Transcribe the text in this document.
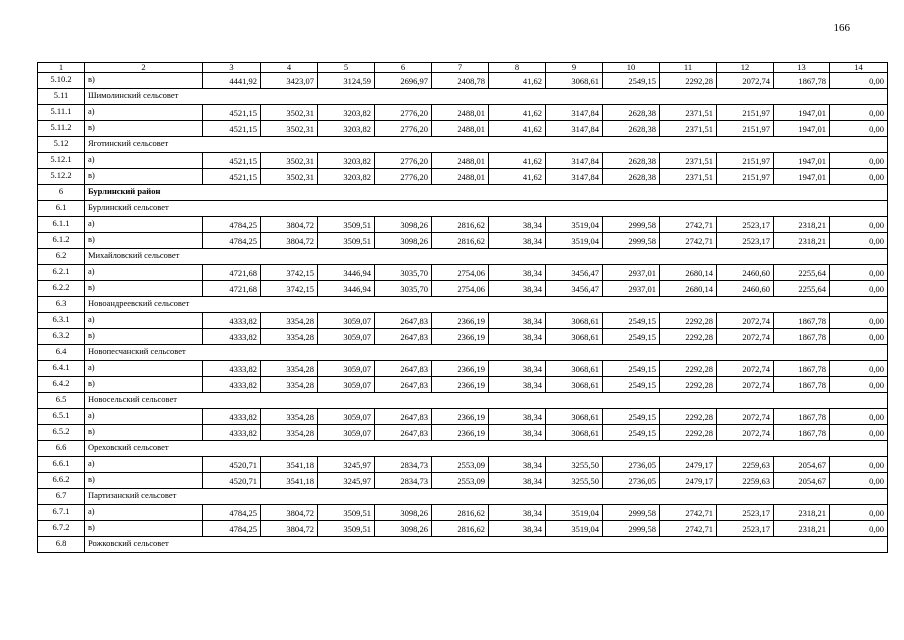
166
1	2	3	4	5	6	7	8	9	10	11	12	13	14
5.10.2	в)	4441,92	3423,07	3124,59	2696,97	2408,78	41,62	3068,61	2549,15	2292,28	2072,74	1867,78	0,00
5.11	Шимолинский сельсовет												
5.11.1	а)	4521,15	3502,31	3203,82	2776,20	2488,01	41,62	3147,84	2628,38	2371,51	2151,97	1947,01	0,00
5.11.2	в)	4521,15	3502,31	3203,82	2776,20	2488,01	41,62	3147,84	2628,38	2371,51	2151,97	1947,01	0,00
5.12	Яготинский сельсовет												
5.12.1	а)	4521,15	3502,31	3203,82	2776,20	2488,01	41,62	3147,84	2628,38	2371,51	2151,97	1947,01	0,00
5.12.2	в)	4521,15	3502,31	3203,82	2776,20	2488,01	41,62	3147,84	2628,38	2371,51	2151,97	1947,01	0,00
6	Бурлинский район												
6.1	Бурлинский сельсовет												
6.1.1	а)	4784,25	3804,72	3509,51	3098,26	2816,62	38,34	3519,04	2999,58	2742,71	2523,17	2318,21	0,00
6.1.2	в)	4784,25	3804,72	3509,51	3098,26	2816,62	38,34	3519,04	2999,58	2742,71	2523,17	2318,21	0,00
6.2	Михайловский сельсовет												
6.2.1	а)	4721,68	3742,15	3446,94	3035,70	2754,06	38,34	3456,47	2937,01	2680,14	2460,60	2255,64	0,00
6.2.2	в)	4721,68	3742,15	3446,94	3035,70	2754,06	38,34	3456,47	2937,01	2680,14	2460,60	2255,64	0,00
6.3	Новоандреевский сельсовет												
6.3.1	а)	4333,82	3354,28	3059,07	2647,83	2366,19	38,34	3068,61	2549,15	2292,28	2072,74	1867,78	0,00
6.3.2	в)	4333,82	3354,28	3059,07	2647,83	2366,19	38,34	3068,61	2549,15	2292,28	2072,74	1867,78	0,00
6.4	Новопесчанский сельсовет												
6.4.1	а)	4333,82	3354,28	3059,07	2647,83	2366,19	38,34	3068,61	2549,15	2292,28	2072,74	1867,78	0,00
6.4.2	в)	4333,82	3354,28	3059,07	2647,83	2366,19	38,34	3068,61	2549,15	2292,28	2072,74	1867,78	0,00
6.5	Новосельский сельсовет												
6.5.1	а)	4333,82	3354,28	3059,07	2647,83	2366,19	38,34	3068,61	2549,15	2292,28	2072,74	1867,78	0,00
6.5.2	в)	4333,82	3354,28	3059,07	2647,83	2366,19	38,34	3068,61	2549,15	2292,28	2072,74	1867,78	0,00
6.6	Ореховский сельсовет												
6.6.1	а)	4520,71	3541,18	3245,97	2834,73	2553,09	38,34	3255,50	2736,05	2479,17	2259,63	2054,67	0,00
6.6.2	в)	4520,71	3541,18	3245,97	2834,73	2553,09	38,34	3255,50	2736,05	2479,17	2259,63	2054,67	0,00
6.7	Партизанский сельсовет												
6.7.1	а)	4784,25	3804,72	3509,51	3098,26	2816,62	38,34	3519,04	2999,58	2742,71	2523,17	2318,21	0,00
6.7.2	в)	4784,25	3804,72	3509,51	3098,26	2816,62	38,34	3519,04	2999,58	2742,71	2523,17	2318,21	0,00
6.8	Рожковский сельсовет												
